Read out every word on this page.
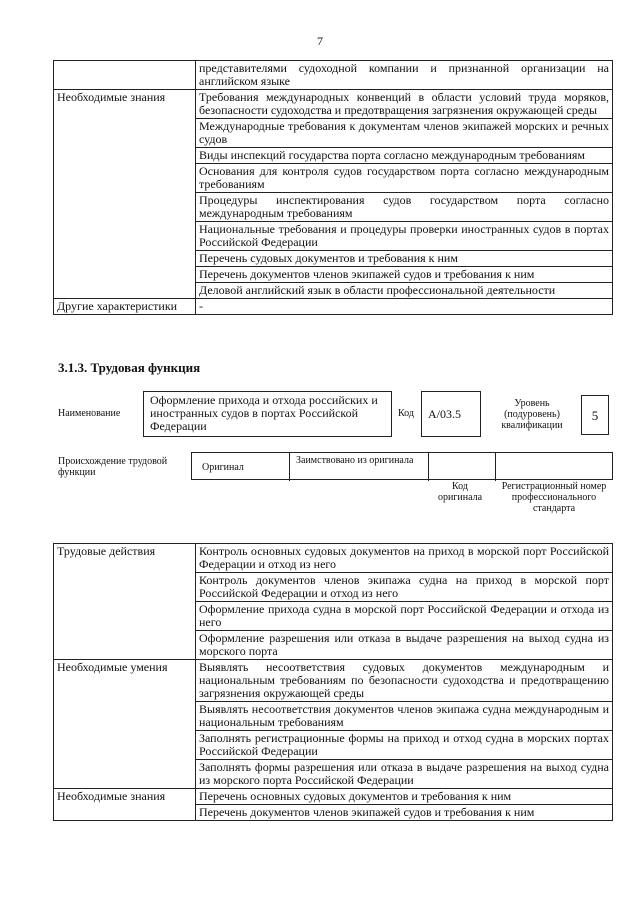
7
	представителями судоходной компании и признанной организации на английском языке
Необходимые знания	Требования международных конвенций в области условий труда моряков, безопасности судоходства и предотвращения загрязнения окружающей среды
	Международные требования к документам членов экипажей морских и речных судов
	Виды инспекций государства порта согласно международным требованиям
	Основания для контроля судов государством порта согласно международным требованиям
	Процедуры инспектирования судов государством порта согласно международным требованиям
	Национальные требования и процедуры проверки иностранных судов в портах Российской Федерации
	Перечень судовых документов и требования к ним
	Перечень документов членов экипажей судов и требования к ним
	Деловой английский язык в области профессиональной деятельности
Другие характеристики	-
3.1.3. Трудовая функция
Наименование
Оформление прихода и отхода российских и иностранных судов в портах Российской Федерации
Код	A/03.5
Уровень (подуровень) квалификации
5
Происхождение трудовой функции	Оригинал
Заимствовано из оригинала
Код оригинала
Регистрационный номер профессионального стандарта
Трудовые действия	Контроль основных судовых документов на приход в морской порт Российской Федерации и отход из него
	Контроль документов членов экипажа судна на приход в морской порт Российской Федерации и отход из него
	Оформление прихода судна в морской порт Российской Федерации и отхода из него
	Оформление разрешения или отказа в выдаче разрешения на выход судна из морского порта
Необходимые умения	Выявлять несоответствия судовых документов международным и национальным требованиям по безопасности судоходства и предотвращению загрязнения окружающей среды
	Выявлять несоответствия документов членов экипажа судна международным и национальным требованиям
	Заполнять регистрационные формы на приход и отход судна в морских портах Российской Федерации
	Заполнять формы разрешения или отказа в выдаче разрешения на выход судна из морского порта Российской Федерации
Необходимые знания	Перечень основных судовых документов и требования к ним
	Перечень документов членов экипажей судов и требования к ним
